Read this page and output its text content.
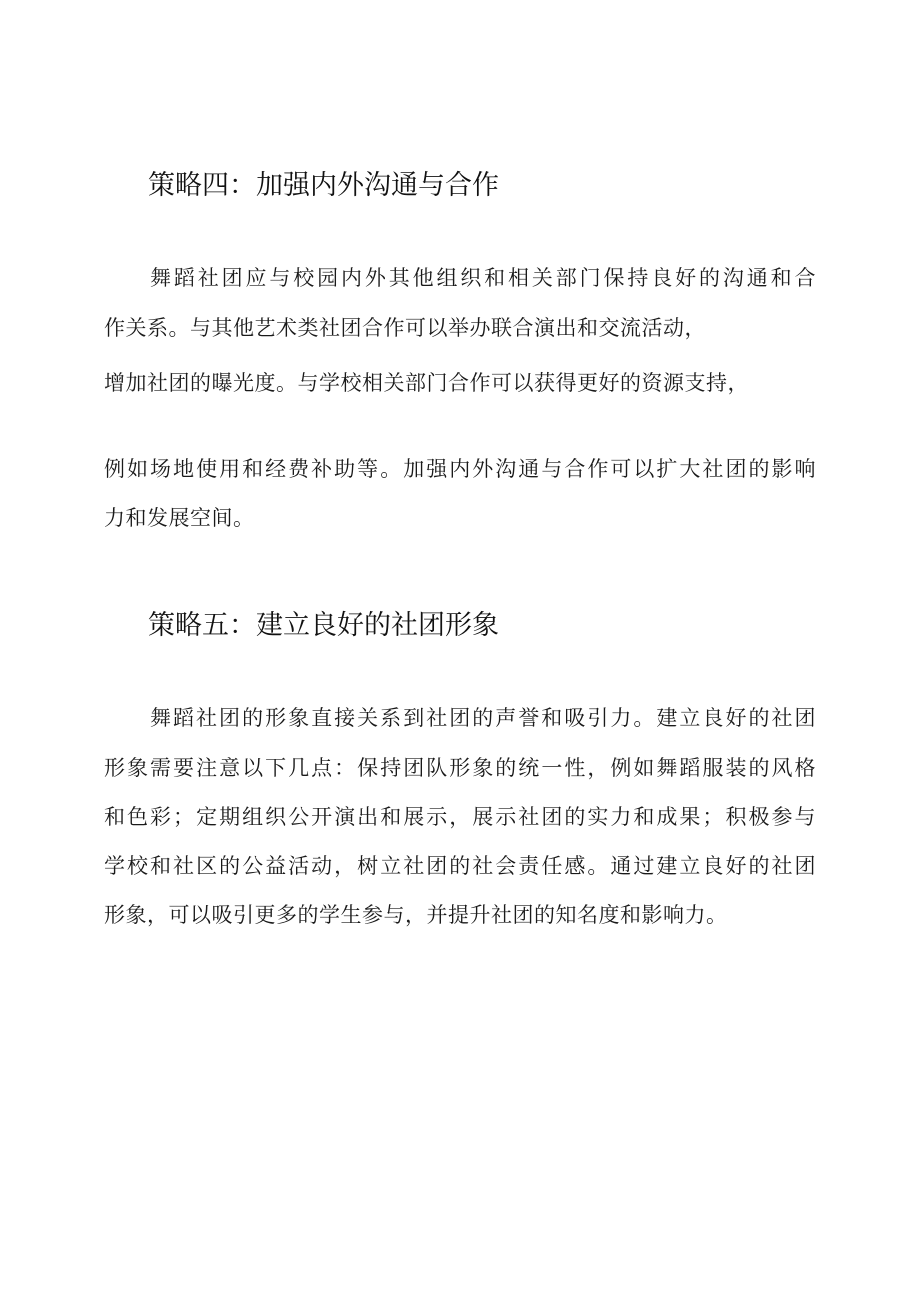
策略四：加强内外沟通与合作
舞蹈社团应与校园内外其他组织和相关部门保持良好的沟通和合
作关系。与其他艺术类社团合作可以举办联合演出和交流活动，
增加社团的曝光度。与学校相关部门合作可以获得更好的资源支持，
例如场地使用和经费补助等。加强内外沟通与合作可以扩大社团的影响
力和发展空间。
策略五：建立良好的社团形象
舞蹈社团的形象直接关系到社团的声誉和吸引力。建立良好的社团
形象需要注意以下几点：保持团队形象的统一性，例如舞蹈服装的风格
和色彩；定期组织公开演出和展示，展示社团的实力和成果；积极参与
学校和社区的公益活动，树立社团的社会责任感。通过建立良好的社团
形象，可以吸引更多的学生参与，并提升社团的知名度和影响力。
